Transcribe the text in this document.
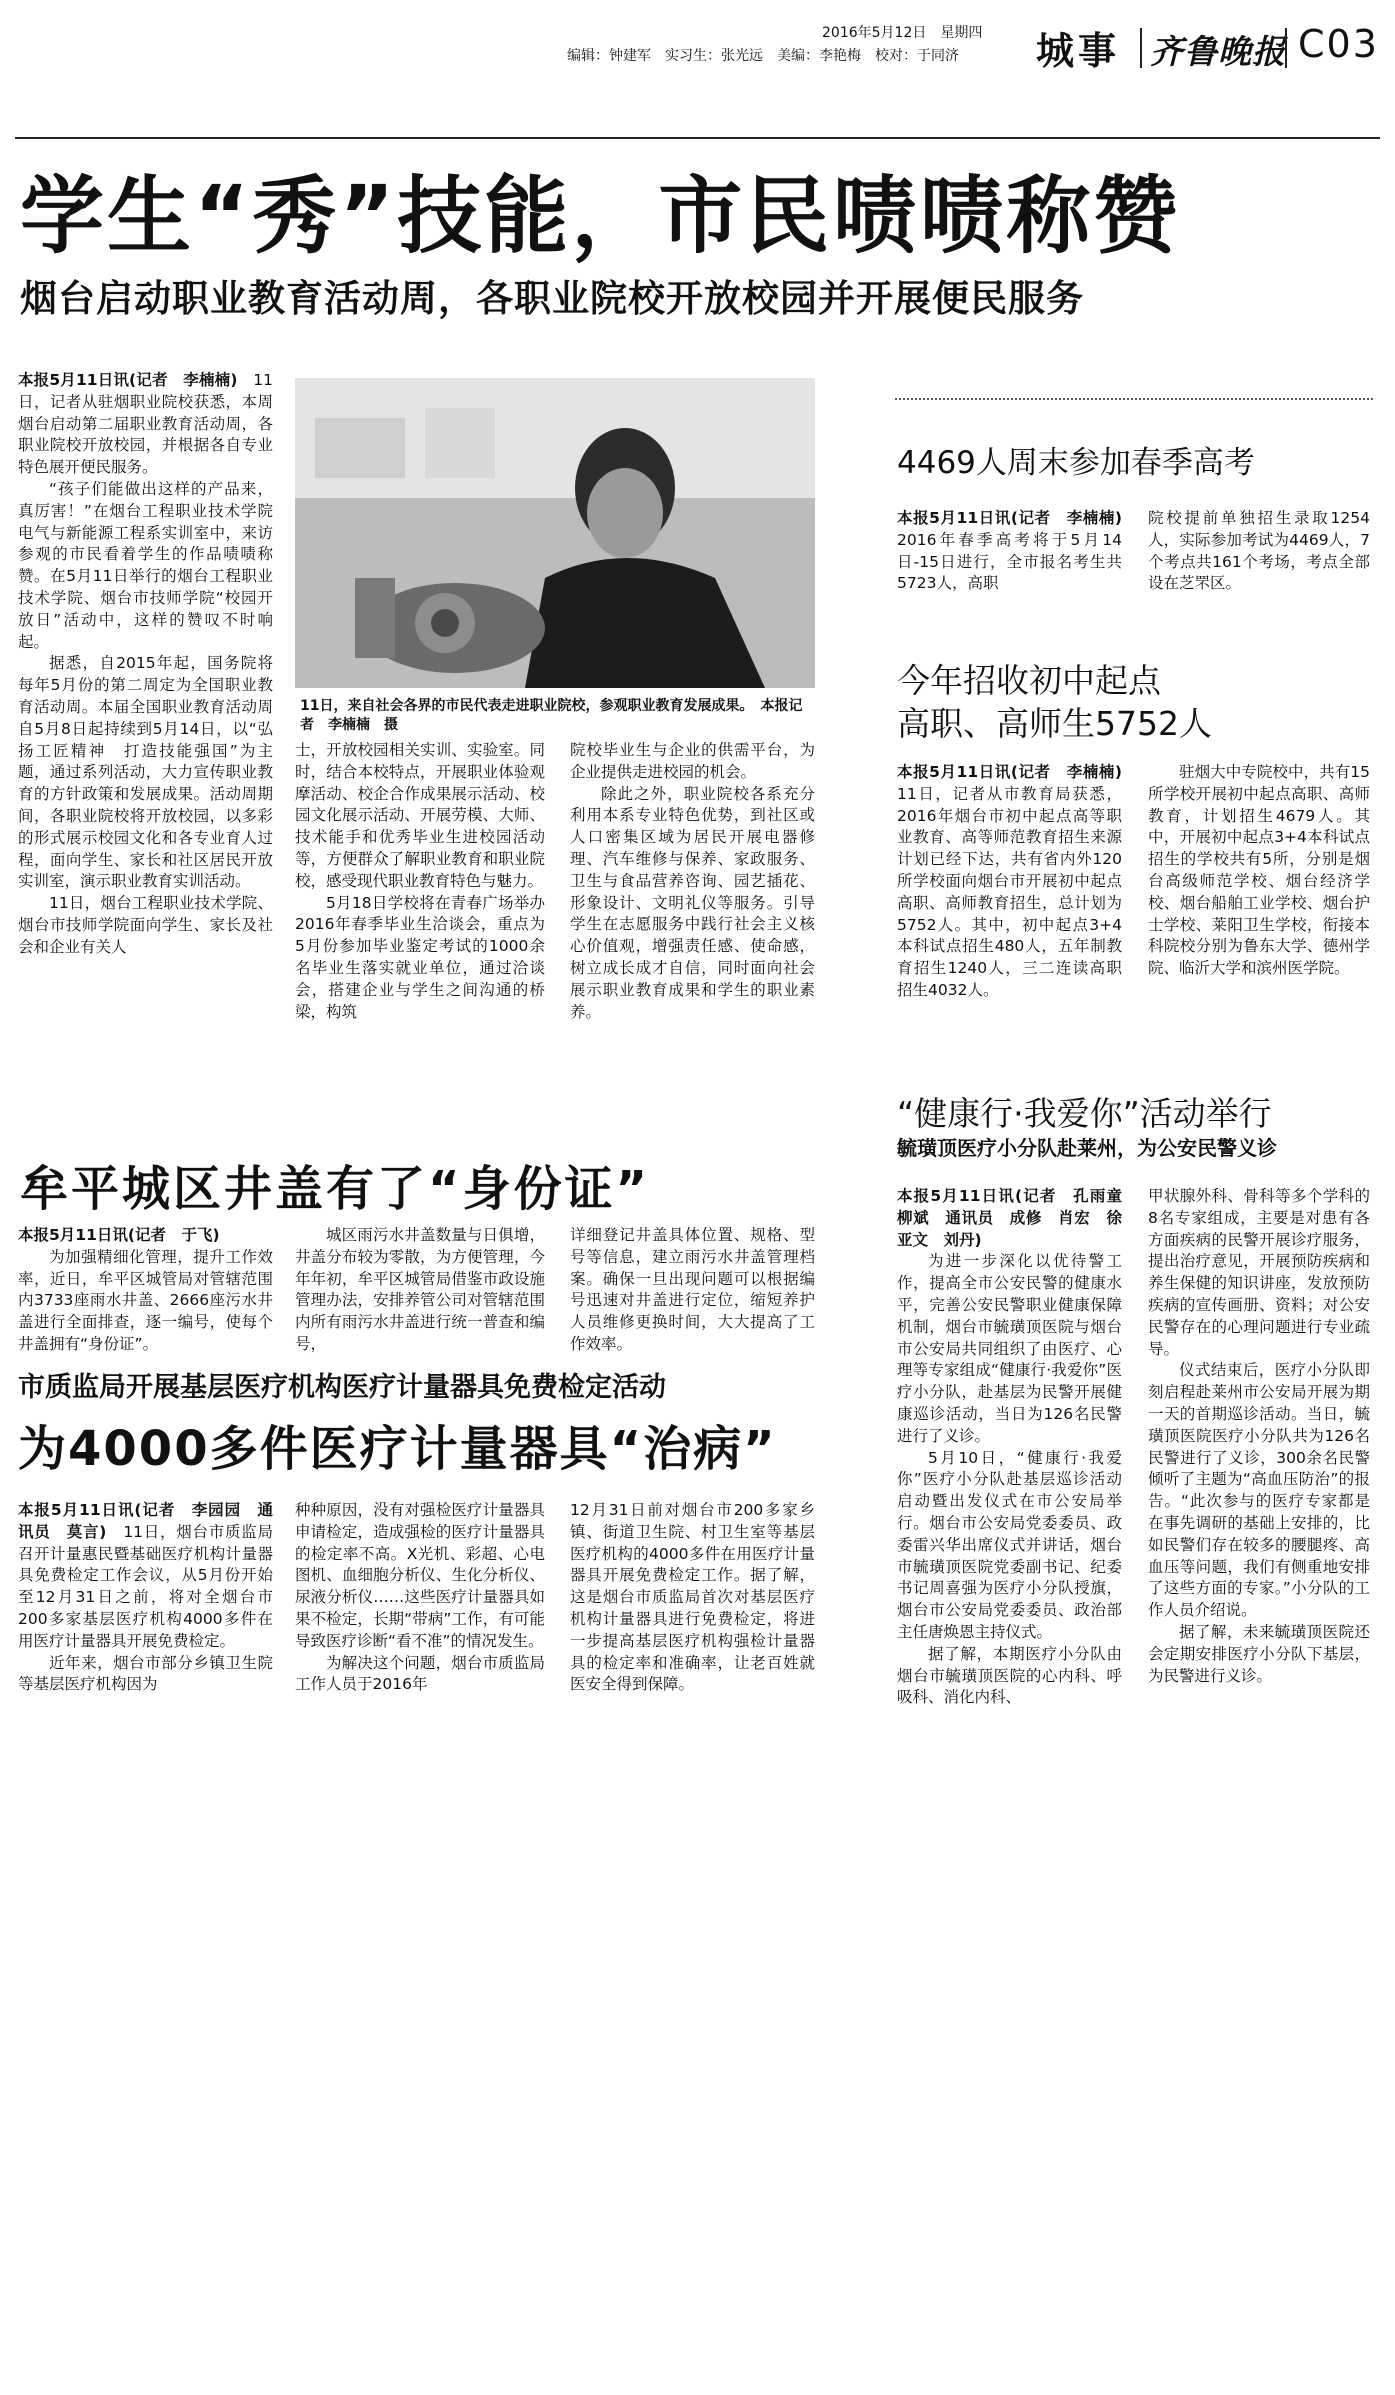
2016年5月12日　星期四
编辑：钟建军　实习生：张光远　美编：李艳梅　校对：于同济 城事 齐鲁晚报 C03
学生“秀”技能，市民啧啧称赞
烟台启动职业教育活动周，各职业院校开放校园并开展便民服务
11日，来自社会各界的市民代表走进职业院校，参观职业教育发展成果。　本报记者　李楠楠　摄

本报5月11日讯(记者　李楠楠)　 11日，记者从驻烟职业院校获悉，本周烟台启动第二届职业教育活动周，各职业院校开放校园，并根据各自专业特色展开便民服务。

“孩子们能做出这样的产品来，真厉害！”在烟台工程职业技术学院电气与新能源工程系实训室中，来访参观的市民看着学生的作品啧啧称赞。在5月11日举行的烟台工程职业技术学院、烟台市技师学院“校园开放日”活动中，这样的赞叹不时响起。

据悉，自2015年起，国务院将每年5月份的第二周定为全国职业教育活动周。本届全国职业教育活动周自5月8日起持续到5月14日，以“弘扬工匠精神　打造技能强国”为主题，通过系列活动，大力宣传职业教育的方针政策和发展成果。活动周期间，各职业院校将开放校园，以多彩的形式展示校园文化和各专业育人过程，面向学生、家长和社区居民开放实训室，演示职业教育实训活动。

11日，烟台工程职业技术学院、烟台市技师学院面向学生、家长及社会和企业有关人

士，开放校园相关实训、实验室。同时，结合本校特点，开展职业体验观摩活动、校企合作成果展示活动、校园文化展示活动、开展劳模、大师、技术能手和优秀毕业生进校园活动等，方便群众了解职业教育和职业院校，感受现代职业教育特色与魅力。

5月18日学校将在青春广场举办2016年春季毕业生洽谈会，重点为5月份参加毕业鉴定考试的1000余名毕业生落实就业单位，通过洽谈会，搭建企业与学生之间沟通的桥梁，构筑

院校毕业生与企业的供需平台，为企业提供走进校园的机会。

除此之外，职业院校各系充分利用本系专业特色优势，到社区或人口密集区域为居民开展电器修理、汽车维修与保养、家政服务、卫生与食品营养咨询、园艺插花、形象设计、文明礼仪等服务。引导学生在志愿服务中践行社会主义核心价值观，增强责任感、使命感，树立成长成才自信，同时面向社会展示职业教育成果和学生的职业素养。

牟平城区井盖有了“身份证”

本报5月11日讯(记者　于飞)

为加强精细化管理，提升工作效率，近日，牟平区城管局对管辖范围内3733座雨水井盖、2666座污水井盖进行全面排查，逐一编号，使每个井盖拥有“身份证”。

城区雨污水井盖数量与日俱增，井盖分布较为零散，为方便管理，今年年初，牟平区城管局借鉴市政设施管理办法，安排养管公司对管辖范围内所有雨污水井盖进行统一普查和编号，

详细登记井盖具体位置、规格、型号等信息，建立雨污水井盖管理档案。确保一旦出现问题可以根据编号迅速对井盖进行定位，缩短养护人员维修更换时间，大大提高了工作效率。

市质监局开展基层医疗机构医疗计量器具免费检定活动
为4000多件医疗计量器具“治病”

本报5月11日讯(记者　李园园　通讯员　莫言)　 11日，烟台市质监局召开计量惠民暨基础医疗机构计量器具免费检定工作会议，从5月份开始至12月31日之前，将对全烟台市200多家基层医疗机构4000多件在用医疗计量器具开展免费检定。

近年来，烟台市部分乡镇卫生院等基层医疗机构因为

种种原因，没有对强检医疗计量器具申请检定，造成强检的医疗计量器具的检定率不高。X光机、彩超、心电图机、血细胞分析仪、生化分析仪、尿液分析仪……这些医疗计量器具如果不检定，长期“带病”工作，有可能导致医疗诊断“看不准”的情况发生。

为解决这个问题，烟台市质监局工作人员于2016年

12月31日前对烟台市200多家乡镇、街道卫生院、村卫生室等基层医疗机构的4000多件在用医疗计量器具开展免费检定工作。据了解，这是烟台市质监局首次对基层医疗机构计量器具进行免费检定，将进一步提高基层医疗机构强检计量器具的检定率和准确率，让老百姓就医安全得到保障。

4469人周末参加春季高考

本报5月11日讯(记者　李楠楠)　2016年春季高考将于5月14日-15日进行，全市报名考生共5723人，高职

院校提前单独招生录取1254人，实际参加考试为4469人，7个考点共161个考场，考点全部设在芝罘区。

今年招收初中起点
高职、高师生5752人

本报5月11日讯(记者　李楠楠)　11日，记者从市教育局获悉，2016年烟台市初中起点高等职业教育、高等师范教育招生来源计划已经下达，共有省内外120所学校面向烟台市开展初中起点高职、高师教育招生，总计划为5752人。其中，初中起点3+4本科试点招生480人，五年制教育招生1240人，三二连读高职招生4032人。

驻烟大中专院校中，共有15所学校开展初中起点高职、高师教育，计划招生4679人。其中，开展初中起点3+4本科试点招生的学校共有5所，分别是烟台高级师范学校、烟台经济学校、烟台船舶工业学校、烟台护士学校、莱阳卫生学校，衔接本科院校分别为鲁东大学、德州学院、临沂大学和滨州医学院。

“健康行·我爱你”活动举行
毓璜顶医疗小分队赴莱州，为公安民警义诊

本报5月11日讯(记者　孔雨童　柳斌　通讯员　成修　肖宏　徐亚文　刘丹)

为进一步深化以优待警工作，提高全市公安民警的健康水平，完善公安民警职业健康保障机制，烟台市毓璜顶医院与烟台市公安局共同组织了由医疗、心理等专家组成“健康行·我爱你”医疗小分队，赴基层为民警开展健康巡诊活动，当日为126名民警进行了义诊。

5月10日，“健康行·我爱你”医疗小分队赴基层巡诊活动启动暨出发仪式在市公安局举行。烟台市公安局党委委员、政委雷兴华出席仪式并讲话，烟台市毓璜顶医院党委副书记、纪委书记周喜强为医疗小分队授旗，烟台市公安局党委委员、政治部主任唐焕恩主持仪式。

据了解，本期医疗小分队由烟台市毓璜顶医院的心内科、呼吸科、消化内科、

甲状腺外科、骨科等多个学科的8名专家组成，主要是对患有各方面疾病的民警开展诊疗服务，提出治疗意见，开展预防疾病和养生保健的知识讲座，发放预防疾病的宣传画册、资料；对公安民警存在的心理问题进行专业疏导。

仪式结束后，医疗小分队即刻启程赴莱州市公安局开展为期一天的首期巡诊活动。当日，毓璜顶医院医疗小分队共为126名民警进行了义诊，300余名民警倾听了主题为“高血压防治”的报告。“此次参与的医疗专家都是在事先调研的基础上安排的，比如民警们存在较多的腰腿疼、高血压等问题，我们有侧重地安排了这些方面的专家。”小分队的工作人员介绍说。

据了解，未来毓璜顶医院还会定期安排医疗小分队下基层，为民警进行义诊。
